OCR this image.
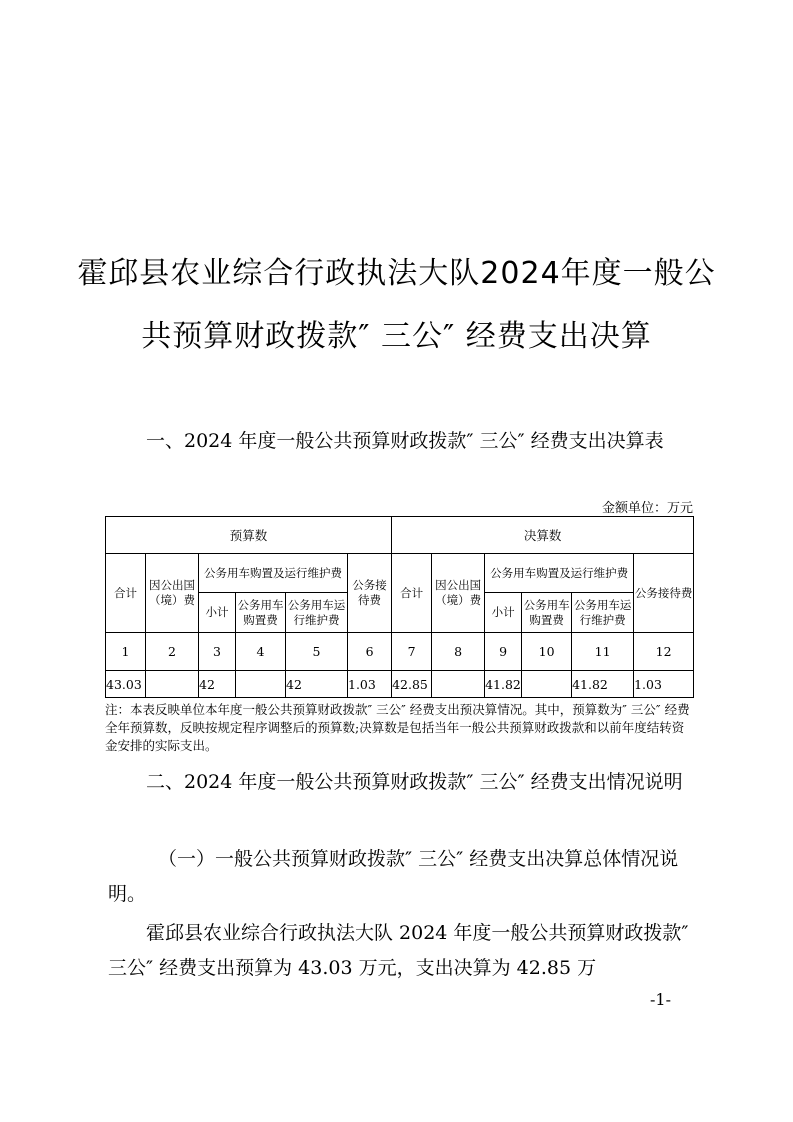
霍邱县农业综合行政执法大队2024年度一般公
共预算财政拨款″ 三公″ 经费支出决算
一、2024 年度一般公共预算财政拨款″ 三公″ 经费支出决算表
金额单位：万元
预算数						决算数					
合计	因公出国（境）费	公务用车购置及运行维护费			公务接待费	合计	因公出国（境）费	公务用车购置及运行维护费			公务接待费
		小计	公务用车购置费	公务用车运行维护费				小计	公务用车购置费	公务用车运行维护费	
1	2	3	4	5	6	7	8	9	10	11	12
43.03		42		42	1.03	42.85		41.82		41.82	1.03
注：本表反映单位本年度一般公共预算财政拨款″ 三公″ 经费支出预决算情况。其中，预算数为″ 三公″ 经费全年预算数，反映按规定程序调整后的预算数;决算数是包括当年一般公共预算财政拨款和以前年度结转资金安排的实际支出。
二、2024 年度一般公共预算财政拨款″ 三公″ 经费支出情况说明
（一）一般公共预算财政拨款″ 三公″ 经费支出决算总体情况说明。
霍邱县农业综合行政执法大队 2024 年度一般公共预算财政拨款″ 三公″ 经费支出预算为 43.03 万元，支出决算为 42.85 万
-1-
